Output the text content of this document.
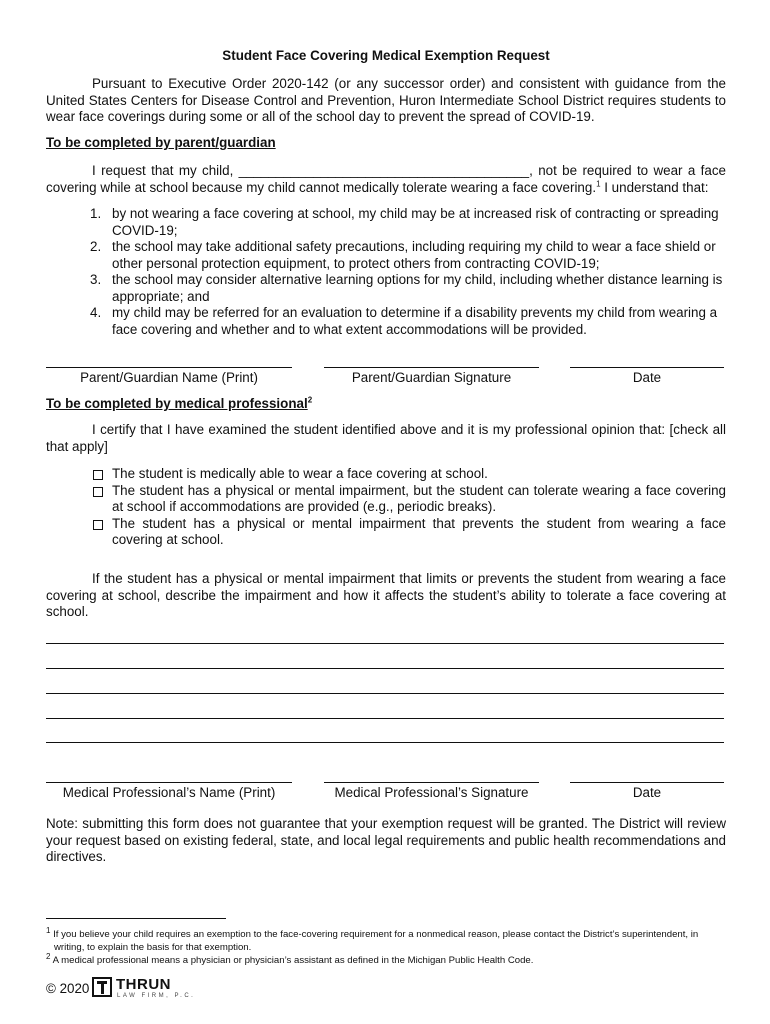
Student Face Covering Medical Exemption Request

Pursuant to Executive Order 2020-142 (or any successor order) and consistent with guidance from the United States Centers for Disease Control and Prevention, Huron Intermediate School District requires students to wear face coverings during some or all of the school day to prevent the spread of COVID-19.

To be completed by parent/guardian

I request that my child, _______________________________________, not be required to wear a face covering while at school because my child cannot medically tolerate wearing a face covering.$^1$ I understand that:

1. by not wearing a face covering at school, my child may be at increased risk of contracting or spreading COVID-19;
2. the school may take additional safety precautions, including requiring my child to wear a face shield or other personal protection equipment, to protect others from contracting COVID-19;
3. the school may consider alternative learning options for my child, including whether distance learning is appropriate; and
4. my child may be referred for an evaluation to determine if a disability prevents my child from wearing a face covering and whether and to what extent accommodations will be provided.
Parent/Guardian Name (Print)	Parent/Guardian Signature	Date
To be completed by medical professional$^2$

I certify that I have examined the student identified above and it is my professional opinion that: [check all that apply]

The student is medically able to wear a face covering at school.
The student has a physical or mental impairment, but the student can tolerate wearing a face covering at school if accommodations are provided (e.g., periodic breaks).
The student has a physical or mental impairment that prevents the student from wearing a face covering at school.

If the student has a physical or mental impairment that limits or prevents the student from wearing a face covering at school, describe the impairment and how it affects the student’s ability to tolerate a face covering at school.

Medical Professional’s Name (Print)	Medical Professional’s Signature	Date

Note: submitting this form does not guarantee that your exemption request will be granted. The District will review your request based on existing federal, state, and local legal requirements and public health recommendations and directives.

$^1$ If you believe your child requires an exemption to the face-covering requirement for a nonmedical reason, please contact the District’s superintendent, in writing, to explain the basis for that exemption.
$^2$ A medical professional means a physician or physician’s assistant as defined in the Michigan Public Health Code.
© 2020 THRUN
LAW FIRM, P.C.
